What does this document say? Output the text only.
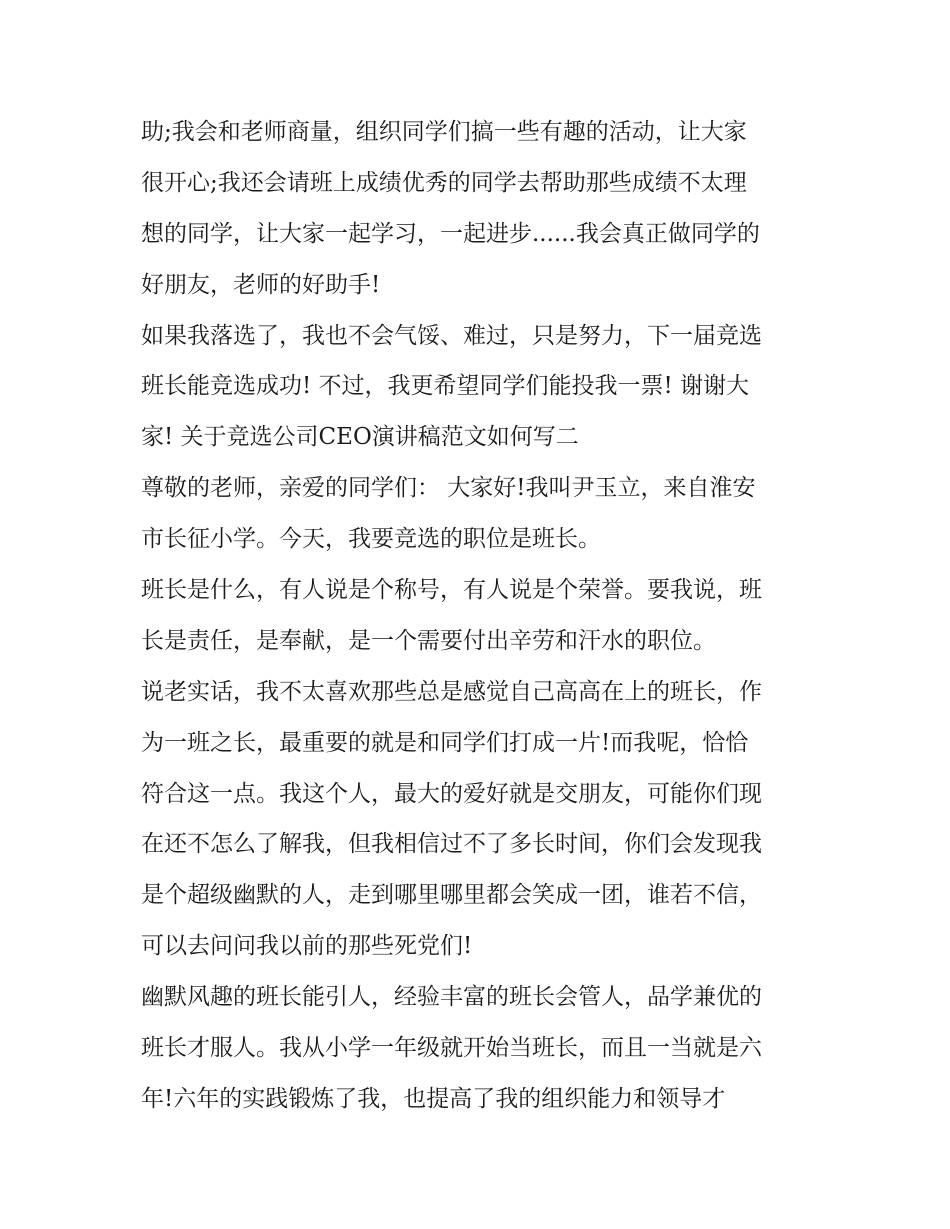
助;我会和老师商量，组织同学们搞一些有趣的活动，让大家
很开心;我还会请班上成绩优秀的同学去帮助那些成绩不太理
想的同学，让大家一起学习，一起进步......我会真正做同学的
好朋友，老师的好助手!
如果我落选了，我也不会气馁、难过，只是努力，下一届竞选
班长能竞选成功! 不过，我更希望同学们能投我一票! 谢谢大
家! 关于竞选公司CEO演讲稿范文如何写二
尊敬的老师，亲爱的同学们： 大家好!我叫尹玉立，来自淮安
市长征小学。今天，我要竞选的职位是班长。
班长是什么，有人说是个称号，有人说是个荣誉。要我说，班
长是责任，是奉献，是一个需要付出辛劳和汗水的职位。
说老实话，我不太喜欢那些总是感觉自己高高在上的班长，作
为一班之长，最重要的就是和同学们打成一片!而我呢，恰恰
符合这一点。我这个人，最大的爱好就是交朋友，可能你们现
在还不怎么了解我，但我相信过不了多长时间，你们会发现我
是个超级幽默的人，走到哪里哪里都会笑成一团，谁若不信，
可以去问问我以前的那些死党们!
幽默风趣的班长能引人，经验丰富的班长会管人，品学兼优的
班长才服人。我从小学一年级就开始当班长，而且一当就是六
年!六年的实践锻炼了我，也提高了我的组织能力和领导才
